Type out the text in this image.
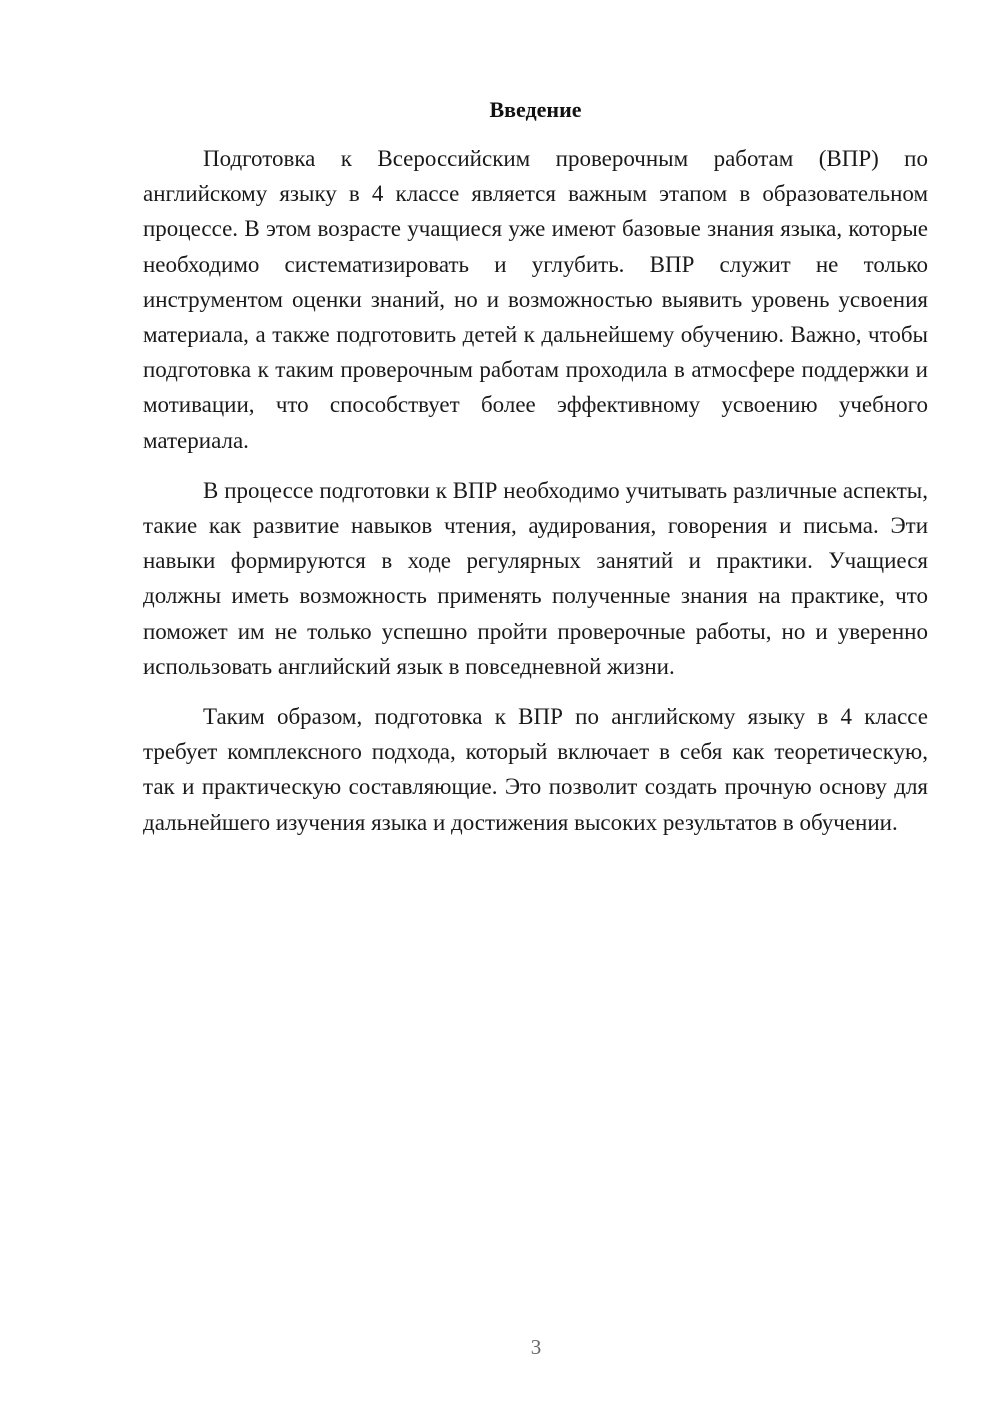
Введение

Подготовка к Всероссийским проверочным работам (ВПР) по английскому языку в 4 классе является важным этапом в образовательном процессе. В этом возрасте учащиеся уже имеют базовые знания языка, которые необходимо систематизировать и углубить. ВПР служит не только инструментом оценки знаний, но и возможностью выявить уровень усвоения материала, а также подготовить детей к дальнейшему обучению. Важно, чтобы подготовка к таким проверочным работам проходила в атмосфере поддержки и мотивации, что способствует более эффективному усвоению учебного материала.

В процессе подготовки к ВПР необходимо учитывать различные аспекты, такие как развитие навыков чтения, аудирования, говорения и письма. Эти навыки формируются в ходе регулярных занятий и практики. Учащиеся должны иметь возможность применять полученные знания на практике, что поможет им не только успешно пройти проверочные работы, но и уверенно использовать английский язык в повседневной жизни.

Таким образом, подготовка к ВПР по английскому языку в 4 классе требует комплексного подхода, который включает в себя как теоретическую, так и практическую составляющие. Это позволит создать прочную основу для дальнейшего изучения языка и достижения высоких результатов в обучении.

3
